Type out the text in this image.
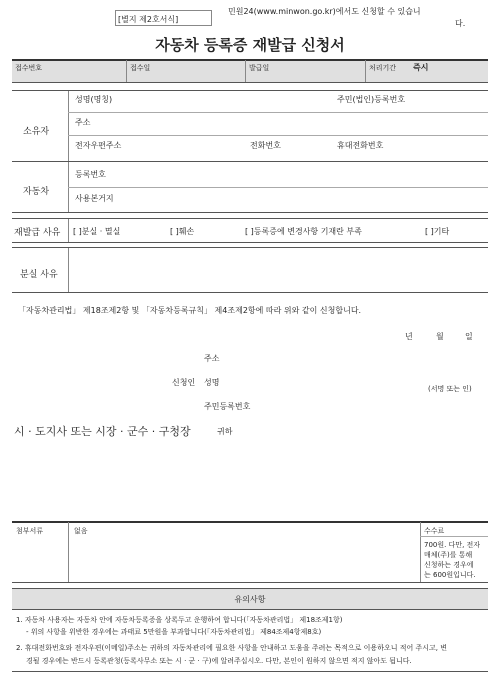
[별지 제2호서식]
민원24(www.minwon.go.kr)에서도 신청할 수 있습니
다.
자동차 등록증 재발급 신청서
접수번호	접수일	발급일	처리기간 즉시
소유자
성명(명칭)	주민(법인)등록번호
주소
전자우편주소	전화번호	휴대전화번호
자동차
등록번호
사용본거지
재발급 사유 [ ]분실 · 멸실	[ ]훼손	[ ]등록증에 변경사항 기재란 부족	[ ]기타
분실 사유
「자동차관리법」 제18조제2항 및 「자동차등록규칙」 제4조제2항에 따라 위와 같이 신청합니다.
년	월	일
주소
신청인 성명
(서명 또는 인)
주민등록번호
시 · 도지사 또는 시장 · 군수 · 구청장	귀하
첨부서류	없음	수수료
700원. 다만, 전자
매체(주)를 통해
신청하는 경우에
는 600원입니다.
유의사항
1. 자동차 사용자는 자동차 안에 자동차등록증을 상록두고 운행하여 합니다(「자동차관리법」 제18조제1항)
- 위의 사항을 위반한 경우에는 과태료 5만원을 부과합니다(「자동차관리법」 제84조제4항제8호)
2. 휴대전화번호와 전자우편(이메일)주소는 귀하의 자동차관리에 필요한 사항을 안내하고 도움을 주려는 목적으로 이용하오니 적어 주시고, 변
경될 경우에는 반드시 등록관청(등록사무소 또는 시 · 군 · 구)에 알려주십시오. 다만, 본인이 원하지 않으면 적지 않아도 됩니다.
